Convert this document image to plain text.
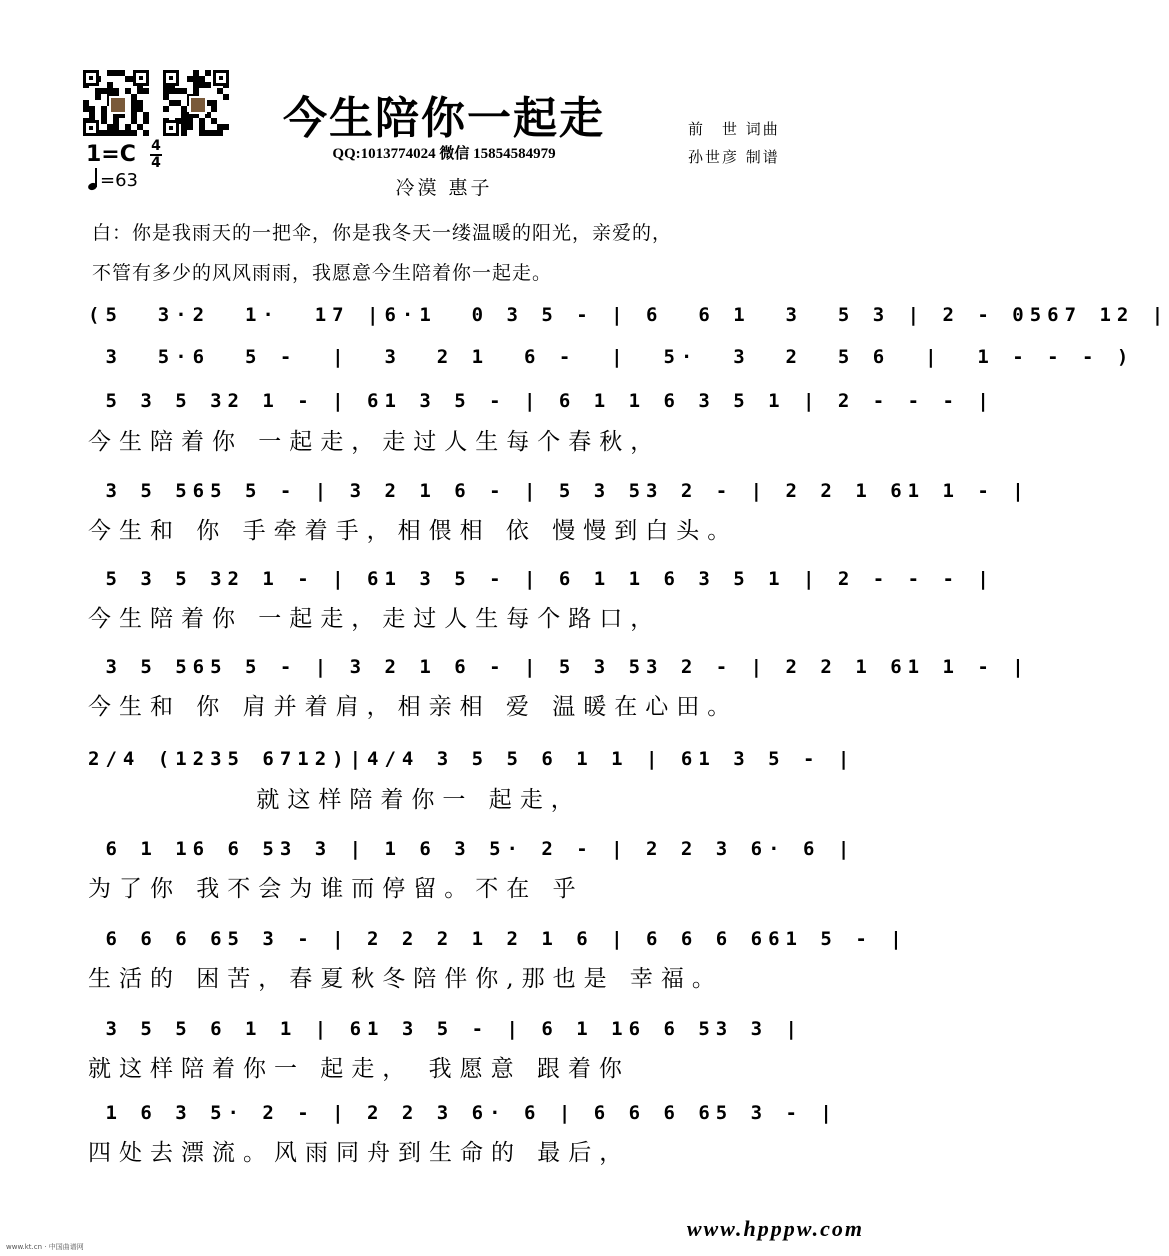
今生陪你一起走
QQ:1013774024 微信 15854584979
冷漠 惠子
前　世 词曲
孙世彦 制谱
1=C 4
4
=63
白：你是我雨天的一把伞，你是我冬天一缕温暖的阳光，亲爱的，
不管有多少的风风雨雨，我愿意今生陪着你一起走。
(5  3·2  1·  17 |6·1  0 3 5 - | 6  6 1  3  5 3 | 2 - 0567 12 |
3  5·6  5 -  |  3  2 1  6 -  |  5·  3  2  5 6  |  1 - - - )
5 3 5 32 1 - | 61 3 5 - | 6 1 1 6 3 5 1 | 2 - - - |
今生陪着你 一起走，走过人生每个春秋，
3 5 565 5 - | 3 2 1 6 - | 5 3 53 2 - | 2 2 1 61 1 - |
今生和 你 手牵着手，相偎相 依 慢慢到白头。
5 3 5 32 1 - | 61 3 5 - | 6 1 1 6 3 5 1 | 2 - - - |
今生陪着你 一起走，走过人生每个路口，
3 5 565 5 - | 3 2 1 6 - | 5 3 53 2 - | 2 2 1 61 1 - |
今生和 你 肩并着肩，相亲相 爱 温暖在心田。
2/4 (1235 6712)|4/4 3 5 5 6 1 1 | 61 3 5 - |
就这样陪着你一 起走，
6 1 16 6 53 3 | 1 6 3 5· 2 - | 2 2 3 6· 6 |
为了你 我不会为谁而停留。不在 乎
6 6 6 65 3 - | 2 2 2 1 2 1 6 | 6 6 6 661 5 - |
生活的 困苦，春夏秋冬陪伴你,那也是 幸福。
3 5 5 6 1 1 | 61 3 5 - | 6 1 16 6 53 3 |
就这样陪着你一 起走， 我愿意 跟着你
1 6 3 5· 2 - | 2 2 3 6· 6 | 6 6 6 65 3 - |
四处去漂流。风雨同舟到生命的 最后，
www.hpppw.com
www.kt.cn · 中国曲谱网
